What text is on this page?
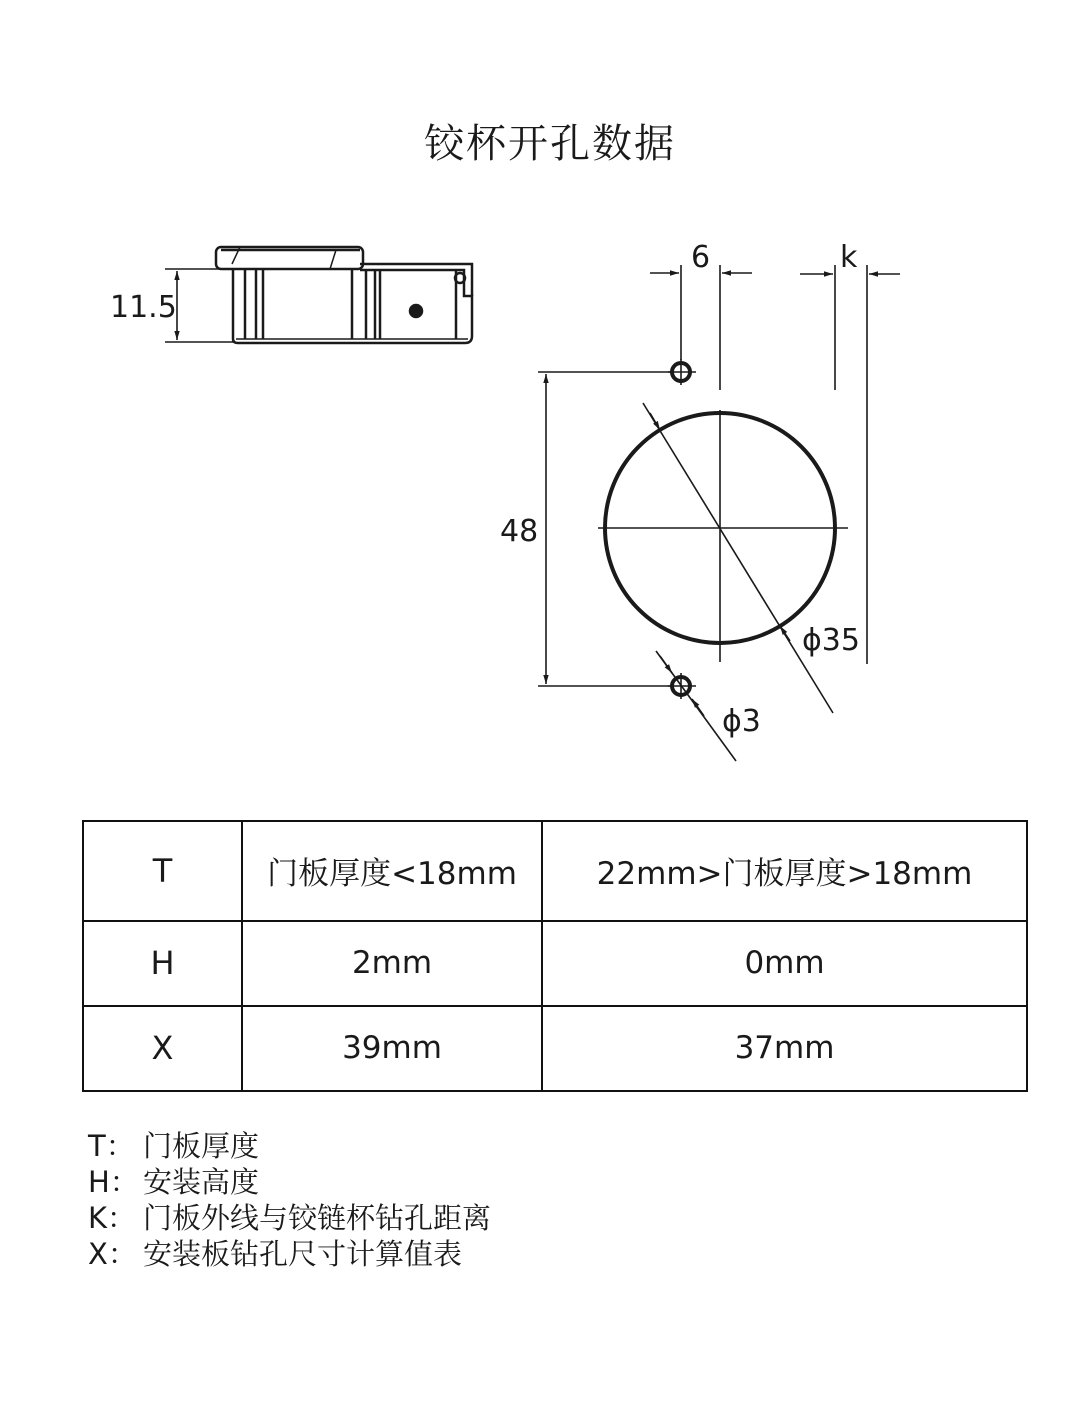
铰杯开孔数据
11.5
6	k
48
ϕ35
ϕ3
T	门板厚度<18mm	22mm>门板厚度>18mm
H	2mm	0mm
X	39mm	37mm
T： 门板厚度
H： 安装高度
K： 门板外线与铰链杯钻孔距离
X： 安装板钻孔尺寸计算值表
